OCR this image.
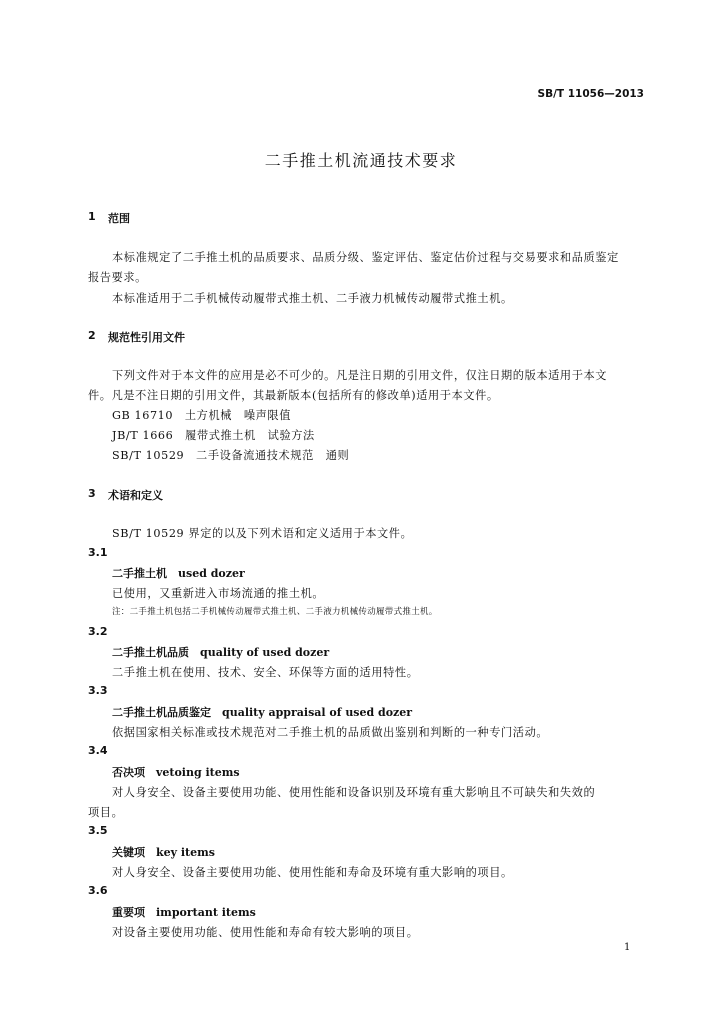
SB/T 11056—2013
二手推土机流通技术要求
1 范围
本标准规定了二手推土机的品质要求、品质分级、鉴定评估、鉴定估价过程与交易要求和品质鉴定
报告要求。
本标准适用于二手机械传动履带式推土机、二手液力机械传动履带式推土机。
2 规范性引用文件
下列文件对于本文件的应用是必不可少的。凡是注日期的引用文件，仅注日期的版本适用于本文
件。凡是不注日期的引用文件，其最新版本(包括所有的修改单)适用于本文件。
GB 16710　土方机械　噪声限值
JB/T 1666　履带式推土机　试验方法
SB/T 10529　二手设备流通技术规范　通则
3 术语和定义
SB/T 10529 界定的以及下列术语和定义适用于本文件。
3.1
二手推土机　used dozer
已使用，又重新进入市场流通的推土机。
注：二手推土机包括二手机械传动履带式推土机、二手液力机械传动履带式推土机。
3.2
二手推土机品质　quality of used dozer
二手推土机在使用、技术、安全、环保等方面的适用特性。
3.3
二手推土机品质鉴定　quality appraisal of used dozer
依据国家相关标准或技术规范对二手推土机的品质做出鉴别和判断的一种专门活动。
3.4
否决项　vetoing items
对人身安全、设备主要使用功能、使用性能和设备识别及环境有重大影响且不可缺失和失效的
项目。
3.5
关键项　key items
对人身安全、设备主要使用功能、使用性能和寿命及环境有重大影响的项目。
3.6
重要项　important items
对设备主要使用功能、使用性能和寿命有较大影响的项目。
1
